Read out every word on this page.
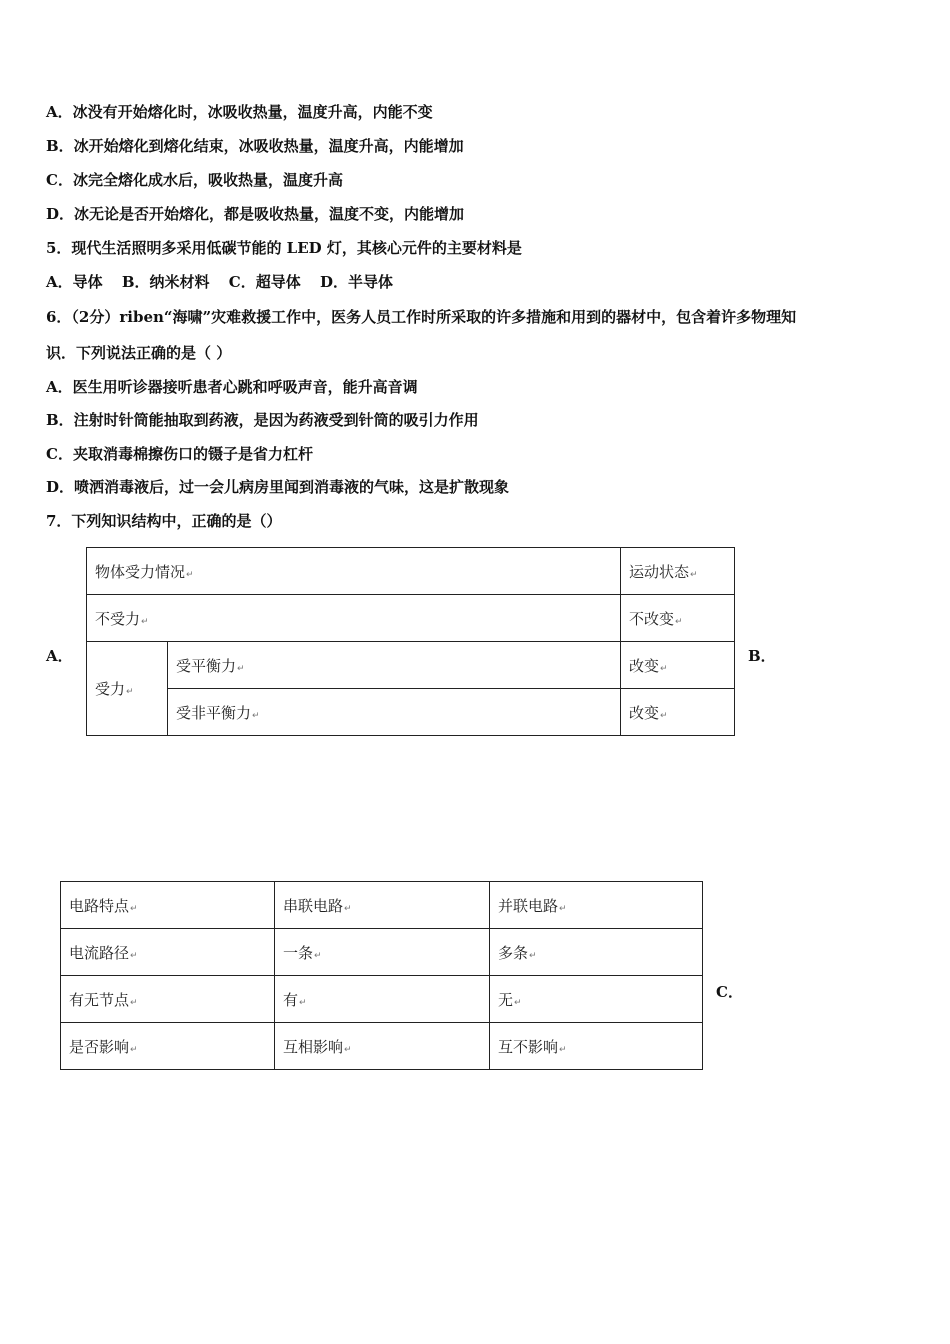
A．冰没有开始熔化时，冰吸收热量，温度升高，内能不变
B．冰开始熔化到熔化结束，冰吸收热量，温度升高，内能增加
C．冰完全熔化成水后，吸收热量，温度升高
D．冰无论是否开始熔化，都是吸收热量，温度不变，内能增加
5．现代生活照明多采用低碳节能的 LED 灯，其核心元件的主要材料是
A．导体 B．纳米材料 C．超导体 D．半导体
6．（2分）riben“海啸”灾难救援工作中，医务人员工作时所采取的许多措施和用到的器材中，包含着许多物理知
识．下列说法正确的是（ ）
A．医生用听诊器接听患者心跳和呼吸声音，能升高音调
B．注射时针筒能抽取到药液，是因为药液受到针筒的吸引力作用
C．夹取消毒棉擦伤口的镊子是省力杠杆
D．喷洒消毒液后，过一会儿病房里闻到消毒液的气味，这是扩散现象
7．下列知识结构中，正确的是（）
A．
物体受力情况↵		运动状态↵
不受力↵		不改变↵
受力↵	受平衡力↵	改变↵
	受非平衡力↵	改变↵
B．
电路特点↵	串联电路↵	并联电路↵
电流路径↵	一条↵	多条↵
有无节点↵	有↵	无↵
是否影响↵	互相影响↵	互不影响↵
C．
